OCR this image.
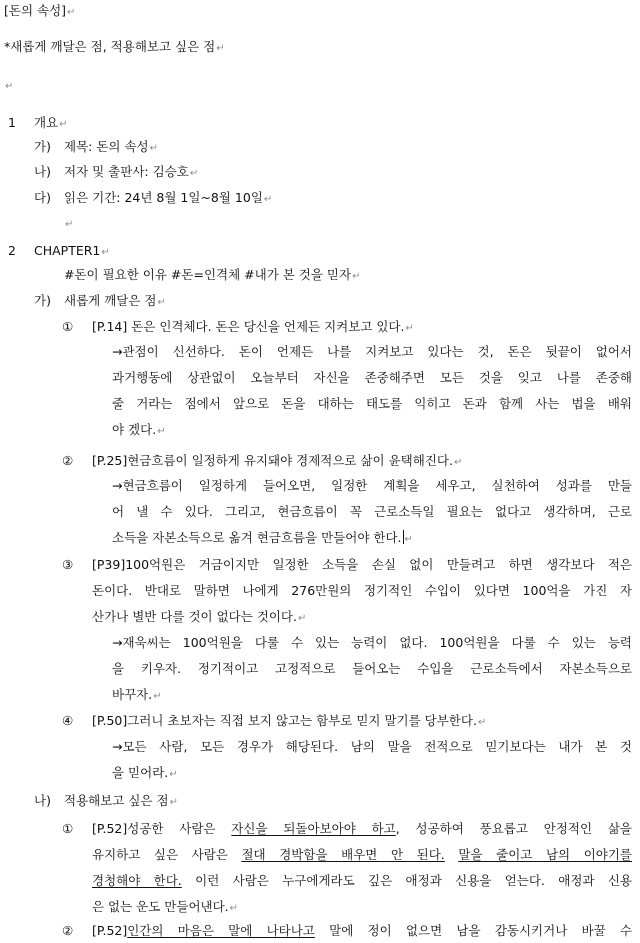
[돈의 속성]↵
*새롭게 깨달은 점, 적용해보고 싶은 점↵
↵
1 개요↵
가) 제목: 돈의 속성↵
나) 저자 및 출판사: 김승호↵
다) 읽은 기간: 24년 8월 1일~8월 10일↵
↵
2 CHAPTER1↵
#돈이 필요한 이유 #돈=인격체 #내가 본 것을 믿자↵
가) 새롭게 깨달은 점↵
① [P.14] 돈은 인격체다. 돈은 당신을 언제든 지켜보고 있다.↵
→관점이 신선하다. 돈이 언제든 나를 지켜보고 있다는 것, 돈은 뒷끝이 없어서
과거행동에 상관없이 오늘부터 자신을 존중해주면 모든 것을 잊고 나를 존중해
줄 거라는 점에서 앞으로 돈을 대하는 태도를 익히고 돈과 함께 사는 법을 배워
야 겠다.↵
② [P.25]현금흐름이 일정하게 유지돼야 경제적으로 삶이 윤택해진다.↵
→현금흐름이 일정하게 들어오면, 일정한 계획을 세우고, 실천하여 성과를 만들
어 낼 수 있다. 그리고, 현금흐름이 꼭 근로소득일 필요는 없다고 생각하며, 근로
소득을 자본소득으로 옮겨 현금흐름을 만들어야 한다. ↵
③ [P39]100억원은 거금이지만 일정한 소득을 손실 없이 만들려고 하면 생각보다 적은
돈이다. 반대로 말하면 나에게 276만원의 정기적인 수입이 있다면 100억을 가진 자
산가나 별반 다를 것이 없다는 것이다.↵
→재욱씨는 100억원을 다룰 수 있는 능력이 없다. 100억원을 다룰 수 있는 능력
을 키우자. 정기적이고 고정적으로 들어오는 수입을 근로소득에서 자본소득으로
바꾸자.↵
④ [P.50]그러니 초보자는 직접 보지 않고는 함부로 믿지 말기를 당부한다.↵
→모든 사람, 모든 경우가 해당된다. 남의 말을 전적으로 믿기보다는 내가 본 것
을 믿어라.↵
나) 적용해보고 싶은 점↵
① [P.52]성공한 사람은 자신을 되돌아보아야 하고, 성공하여 풍요롭고 안정적인 삶을
유지하고 싶은 사람은 절대 경박함을 배우면 안 된다. 말을 줄이고 남의 이야기를
경청해야 한다. 이런 사람은 누구에게라도 깊은 애정과 신용을 얻는다. 애정과 신용
은 없는 운도 만들어낸다.↵
② [P.52]인간의 마음은 말에 나타나고 말에 정이 없으면 남을 감동시키거나 바꿀 수
